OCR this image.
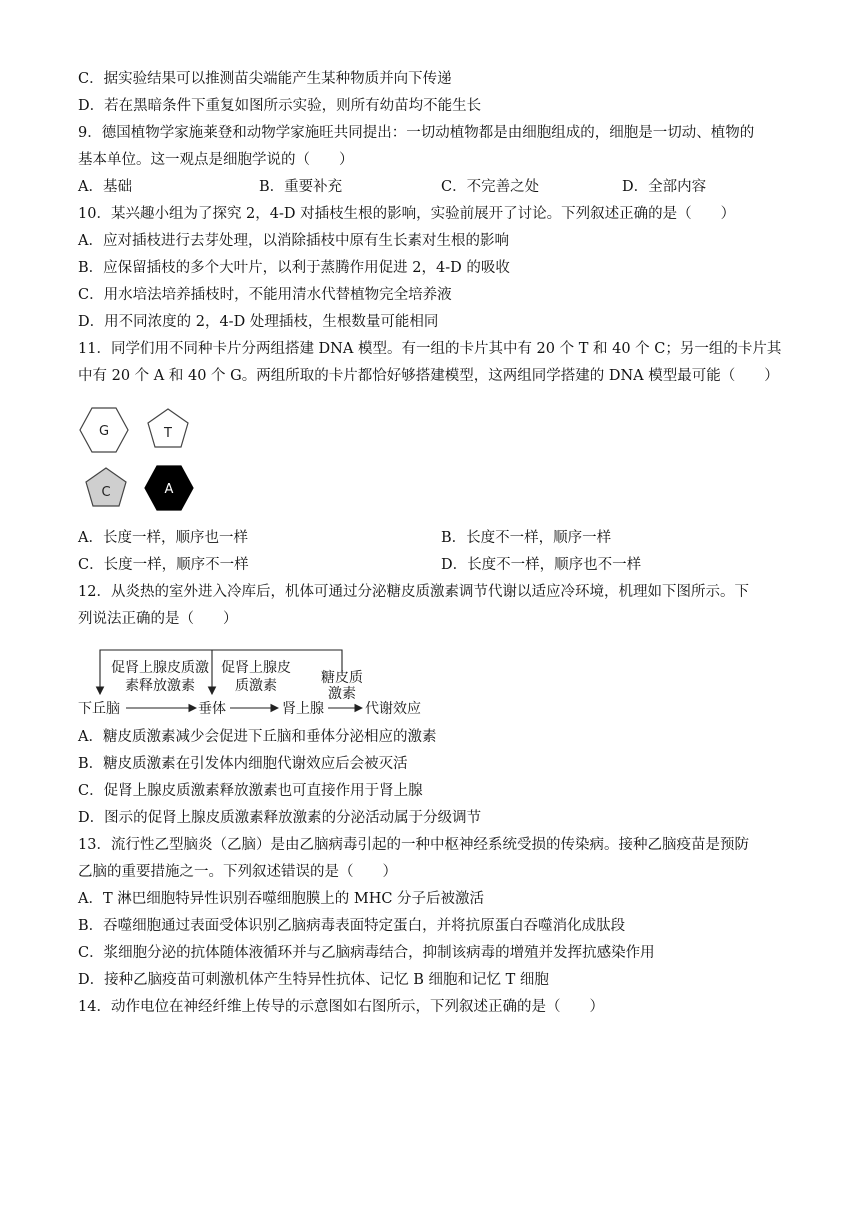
C．据实验结果可以推测苗尖端能产生某种物质并向下传递
D．若在黑暗条件下重复如图所示实验，则所有幼苗均不能生长
9．德国植物学家施莱登和动物学家施旺共同提出：一切动植物都是由细胞组成的，细胞是一切动、植物的
基本单位。这一观点是细胞学说的（　　）
A．基础	B．重要补充	C．不完善之处	D．全部内容
10．某兴趣小组为了探究 2，4-D 对插枝生根的影响，实验前展开了讨论。下列叙述正确的是（　　）
A．应对插枝进行去芽处理，以消除插枝中原有生长素对生根的影响
B．应保留插枝的多个大叶片，以利于蒸腾作用促进 2，4-D 的吸收
C．用水培法培养插枝时，不能用清水代替植物完全培养液
D．用不同浓度的 2，4-D 处理插枝，生根数量可能相同
11．同学们用不同种卡片分两组搭建 DNA 模型。有一组的卡片其中有 20 个 T 和 40 个 C；另一组的卡片其
中有 20 个 A 和 40 个 G。两组所取的卡片都恰好够搭建模型，这两组同学搭建的 DNA 模型最可能（　　）
G	T
C	A
A．长度一样，顺序也一样	B．长度不一样，顺序一样
C．长度一样，顺序不一样	D．长度不一样，顺序也不一样
12．从炎热的室外进入冷库后，机体可通过分泌糖皮质激素调节代谢以适应冷环境，机理如下图所示。下
列说法正确的是（　　）
促肾上腺皮质激
素释放激素
促肾上腺皮
质激素	糖皮质
激素
下丘脑	垂体	肾上腺	代谢效应
A．糖皮质激素减少会促进下丘脑和垂体分泌相应的激素
B．糖皮质激素在引发体内细胞代谢效应后会被灭活
C．促肾上腺皮质激素释放激素也可直接作用于肾上腺
D．图示的促肾上腺皮质激素释放激素的分泌活动属于分级调节
13．流行性乙型脑炎（乙脑）是由乙脑病毒引起的一种中枢神经系统受损的传染病。接种乙脑疫苗是预防
乙脑的重要措施之一。下列叙述错误的是（　　）
A．T 淋巴细胞特异性识别吞噬细胞膜上的 MHC 分子后被激活
B．吞噬细胞通过表面受体识别乙脑病毒表面特定蛋白，并将抗原蛋白吞噬消化成肽段
C．浆细胞分泌的抗体随体液循环并与乙脑病毒结合，抑制该病毒的增殖并发挥抗感染作用
D．接种乙脑疫苗可刺激机体产生特异性抗体、记忆 B 细胞和记忆 T 细胞
14．动作电位在神经纤维上传导的示意图如右图所示，下列叙述正确的是（　　）
